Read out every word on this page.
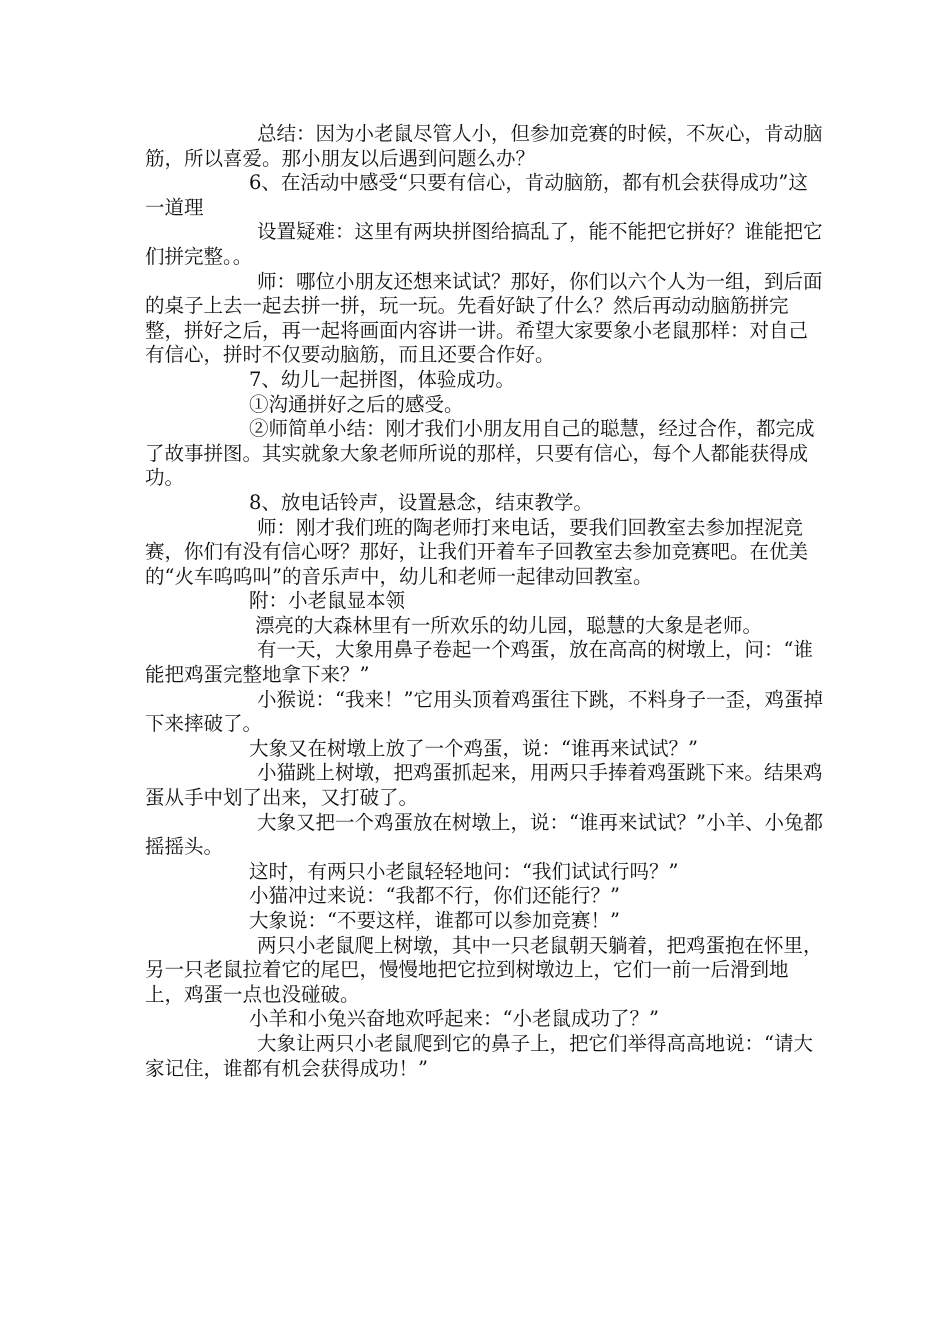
总结：因为小老鼠尽管人小，但参加竞赛的时候，不灰心，肯动脑筋，所以喜爱。那小朋友以后遇到问题么办？

6、在活动中感受“只要有信心，肯动脑筋，都有机会获得成功”这一道理

设置疑难：这里有两块拼图给搞乱了，能不能把它拼好？谁能把它们拼完整。。

师：哪位小朋友还想来试试？那好，你们以六个人为一组，到后面的桌子上去一起去拼一拼，玩一玩。先看好缺了什么？然后再动动脑筋拼完整，拼好之后，再一起将画面内容讲一讲。希望大家要象小老鼠那样：对自己有信心，拼时不仅要动脑筋，而且还要合作好。

7、幼儿一起拼图，体验成功。

①沟通拼好之后的感受。

②师简单小结：刚才我们小朋友用自己的聪慧，经过合作，都完成了故事拼图。其实就象大象老师所说的那样，只要有信心，每个人都能获得成功。

8、放电话铃声，设置悬念，结束教学。

师：刚才我们班的陶老师打来电话，要我们回教室去参加捏泥竞赛，你们有没有信心呀？那好，让我们开着车子回教室去参加竞赛吧。在优美的“火车呜呜叫”的音乐声中，幼儿和老师一起律动回教室。

附：小老鼠显本领

漂亮的大森林里有一所欢乐的幼儿园，聪慧的大象是老师。

有一天，大象用鼻子卷起一个鸡蛋，放在高高的树墩上，问：“谁能把鸡蛋完整地拿下来？”

小猴说：“我来！”它用头顶着鸡蛋往下跳，不料身子一歪，鸡蛋掉下来摔破了。

大象又在树墩上放了一个鸡蛋，说：“谁再来试试？”

小猫跳上树墩，把鸡蛋抓起来，用两只手捧着鸡蛋跳下来。结果鸡蛋从手中划了出来，又打破了。

大象又把一个鸡蛋放在树墩上，说：“谁再来试试？”小羊、小兔都摇摇头。

这时，有两只小老鼠轻轻地问：“我们试试行吗？”

小猫冲过来说：“我都不行，你们还能行？”

大象说：“不要这样，谁都可以参加竞赛！”

两只小老鼠爬上树墩，其中一只老鼠朝天躺着，把鸡蛋抱在怀里，另一只老鼠拉着它的尾巴，慢慢地把它拉到树墩边上，它们一前一后滑到地上，鸡蛋一点也没碰破。

小羊和小兔兴奋地欢呼起来：“小老鼠成功了？”

大象让两只小老鼠爬到它的鼻子上，把它们举得高高地说：“请大家记住，谁都有机会获得成功！”
